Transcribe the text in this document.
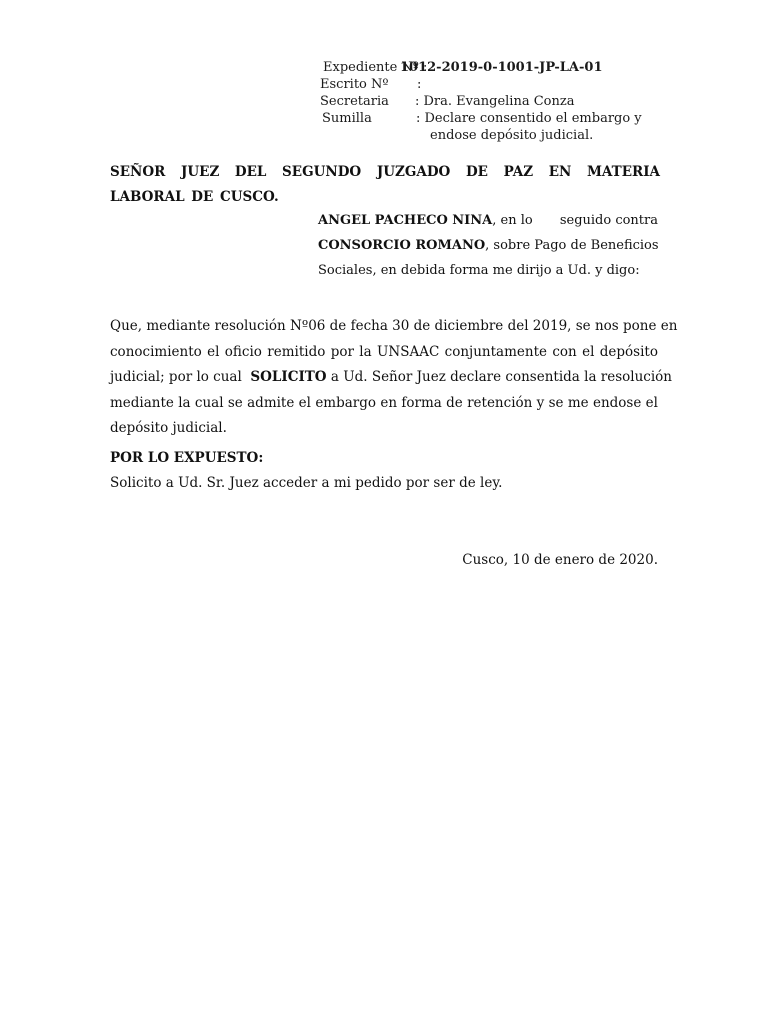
Expediente Nº :
1012-2019-0-1001-JP-LA-01
Escrito Nº :
Secretaria : Dra. Evangelina Conza
Sumilla	: Declare consentido el embargo y
endose depósito judicial.
SEÑOR JUEZ DEL SEGUNDO JUZGADO DE PAZ EN MATERIA LABORAL DE CUSCO.
ANGEL PACHECO NINA, en lo seguido contra
CONSORCIO ROMANO , sobre Pago de Beneficios
Sociales, en debida forma me dirijo a Ud. y digo:
Que, mediante resolución Nº06 de fecha 30 de diciembre del 2019, se nos pone en
conocimiento el oficio remitido por la UNSAAC conjuntamente con el depósito
judicial; por lo cual SOLICITO a Ud. Señor Juez declare consentida la resolución
mediante la cual se admite el embargo en forma de retención y se me endose el
depósito judicial.
POR LO EXPUESTO:
Solicito a Ud. Sr. Juez acceder a mi pedido por ser de ley.
Cusco, 10 de enero de 2020.
